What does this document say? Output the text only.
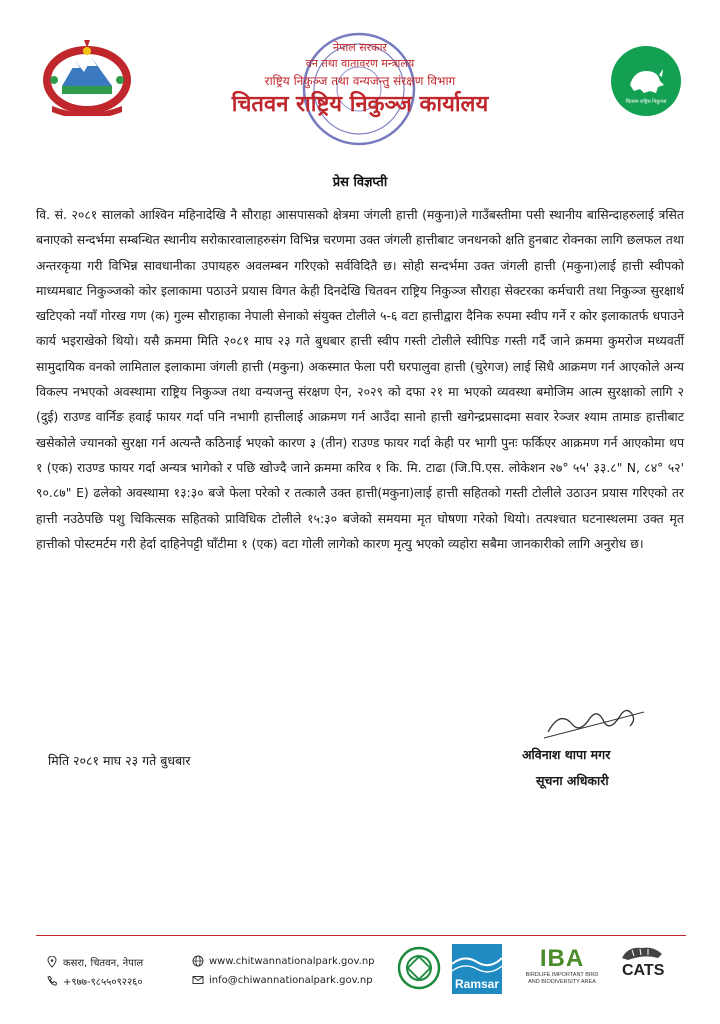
नेपाल सरकार
वन तथा वातावरण मन्त्रालय
राष्ट्रिय निकुञ्ज तथा वन्यजन्तु संरक्षण विभाग
चितवन राष्ट्रिय निकुञ्ज कार्यालय	चितवन राष्ट्रिय निकुञ्ज
प्रेस विज्ञप्ती

वि. सं. २०८१ सालको आश्विन महिनादेखि नै सौराहा आसपासको क्षेत्रमा जंगली हात्ती (मकुना)ले गाउँबस्तीमा पसी स्थानीय बासिन्दाहरुलाई त्रसित बनाएको सन्दर्भमा सम्बन्धित स्थानीय सरोकारवालाहरुसंग विभिन्न चरणमा उक्त जंगली हात्तीबाट जनधनको क्षति हुनबाट रोक्नका लागि छलफल तथा अन्तरकृया गरी विभिन्न सावधानीका उपायहरु अवलम्बन गरिएको सर्वविदितै छ। सोही सन्दर्भमा उक्त जंगली हात्ती (मकुना)लाई हात्ती स्वीपको माध्यमबाट निकुञ्जको कोर इलाकामा पठाउने प्रयास विगत केही दिनदेखि चितवन राष्ट्रिय निकुञ्ज सौराहा सेक्टरका कर्मचारी तथा निकुञ्ज सुरक्षार्थ खटिएको नयाँ गोरख गण (क) गुल्म सौराहाका नेपाली सेनाको संयुक्त टोलीले ५-६ वटा हात्तीद्वारा दैनिक रुपमा स्वीप गर्ने र कोर इलाकातर्फ धपाउने कार्य भइराखेको थियो। यसै क्रममा मिति २०८१ माघ २३ गते बुधबार हात्ती स्वीप गस्ती टोलीले स्वीपिङ गस्ती गर्दै जाने क्रममा कुमरोज मध्यवर्ती सामुदायिक वनको लामिताल इलाकामा जंगली हात्ती (मकुना) अकस्मात फेला परी घरपालुवा हात्ती (चुरेगज) लाई सिधै आक्रमण गर्न आएकोले अन्य विकल्प नभएको अवस्थामा राष्ट्रिय निकुञ्ज तथा वन्यजन्तु संरक्षण ऐन, २०२९ को दफा २१ मा भएको व्यवस्था बमोजिम आत्म सुरक्षाको लागि २ (दुई) राउण्ड वार्निङ हवाई फायर गर्दा पनि नभागी हात्तीलाई आक्रमण गर्न आउँदा सानो हात्ती खगेन्द्रप्रसादमा सवार रेञ्जर श्याम तामाङ हात्तीबाट खसेकोले ज्यानको सुरक्षा गर्न अत्यन्तै कठिनाई भएको कारण ३ (तीन) राउण्ड फायर गर्दा केही पर भागी पुनः फर्किएर आक्रमण गर्न आएकोमा थप १ (एक) राउण्ड फायर गर्दा अन्यत्र भागेको र पछि खोज्दै जाने क्रममा करिव १ कि. मि. टाढा (जि.पि.एस. लोकेशन २७° ५५' ३३.८" N, ८४° ५२' ९०.८७" E) ढलेको अवस्थामा १३:३० बजे फेला परेको र तत्कालै उक्त हात्ती(मकुना)लाई हात्ती सहितको गस्ती टोलीले उठाउन प्रयास गरिएको तर हात्ती नउठेपछि पशु चिकित्सक सहितको प्राविधिक टोलीले १५:३० बजेको समयमा मृत घोषणा गरेको थियो। तत्पश्चात घटनास्थलमा उक्त मृत हात्तीको पोस्टमर्टम गरी हेर्दा दाहिनेपट्टी घाँटीमा १ (एक) वटा गोली लागेको कारण मृत्यु भएको व्यहोरा सबैमा जानकारीको लागि अनुरोध छ।

मिति २०८१ माघ २३ गते बुधबार	अविनाश थापा मगर
सूचना अधिकारी
कसरा, चितवन, नेपाल
+९७७-९८५५०९२२६०
www.chitwannationalpark.gov.np
info@chiwannationalpark.gov.np	Ramsar
IBA
BIRDLIFE IMPORTANT BIRD
AND BIODIVERSITY AREA
CATS
